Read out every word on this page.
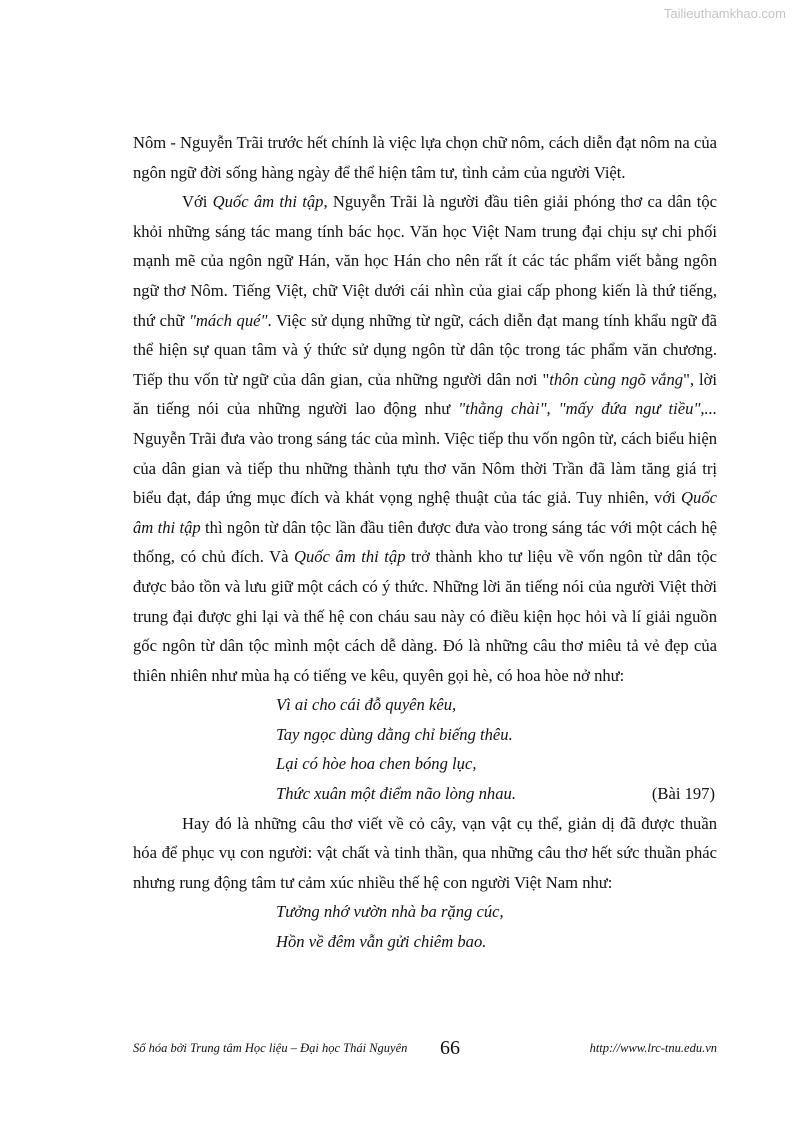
Tailieuthamkhao.com

Nôm - Nguyễn Trãi trước hết chính là việc lựa chọn chữ nôm, cách diễn đạt nôm na của ngôn ngữ đời sống hàng ngày để thể hiện tâm tư, tình cảm của người Việt.

Với Quốc âm thi tập, Nguyễn Trãi là người đầu tiên giải phóng thơ ca dân tộc khỏi những sáng tác mang tính bác học. Văn học Việt Nam trung đại chịu sự chi phối mạnh mẽ của ngôn ngữ Hán, văn học Hán cho nên rất ít các tác phẩm viết bằng ngôn ngữ thơ Nôm. Tiếng Việt, chữ Việt dưới cái nhìn của giai cấp phong kiến là thứ tiếng, thứ chữ "mách qué". Việc sử dụng những từ ngữ, cách diễn đạt mang tính khẩu ngữ đã thể hiện sự quan tâm và ý thức sử dụng ngôn từ dân tộc trong tác phẩm văn chương. Tiếp thu vốn từ ngữ của dân gian, của những người dân nơi "thôn cùng ngõ vắng", lời ăn tiếng nói của những người lao động như "thằng chài", "mấy đứa ngư tiều",... Nguyễn Trãi đưa vào trong sáng tác của mình. Việc tiếp thu vốn ngôn từ, cách biểu hiện của dân gian và tiếp thu những thành tựu thơ văn Nôm thời Trần đã làm tăng giá trị biểu đạt, đáp ứng mục đích và khát vọng nghệ thuật của tác giả. Tuy nhiên, với Quốc âm thi tập thì ngôn từ dân tộc lần đầu tiên được đưa vào trong sáng tác với một cách hệ thống, có chủ đích. Và Quốc âm thi tập trở thành kho tư liệu về vốn ngôn từ dân tộc được bảo tồn và lưu giữ một cách có ý thức. Những lời ăn tiếng nói của người Việt thời trung đại được ghi lại và thế hệ con cháu sau này có điều kiện học hỏi và lí giải nguồn gốc ngôn từ dân tộc mình một cách dễ dàng. Đó là những câu thơ miêu tả vẻ đẹp của thiên nhiên như mùa hạ có tiếng ve kêu, quyên gọi hè, có hoa hòe nở như:

Vì ai cho cái đỗ quyên kêu,
Tay ngọc dùng dằng chỉ biếng thêu.
Lại có hòe hoa chen bóng lục,
Thức xuân một điểm não lòng nhau.	(Bài 197)

Hay đó là những câu thơ viết về cỏ cây, vạn vật cụ thể, giản dị đã được thuần hóa để phục vụ con người: vật chất và tinh thần, qua những câu thơ hết sức thuần phác nhưng rung động tâm tư cảm xúc nhiều thế hệ con người Việt Nam như:

Tưởng nhớ vườn nhà ba rặng cúc,
Hồn về đêm vẫn gửi chiêm bao.
Số hóa bởi Trung tâm Học liệu – Đại học Thái Nguyên 66	http://www.lrc-tnu.edu.vn
